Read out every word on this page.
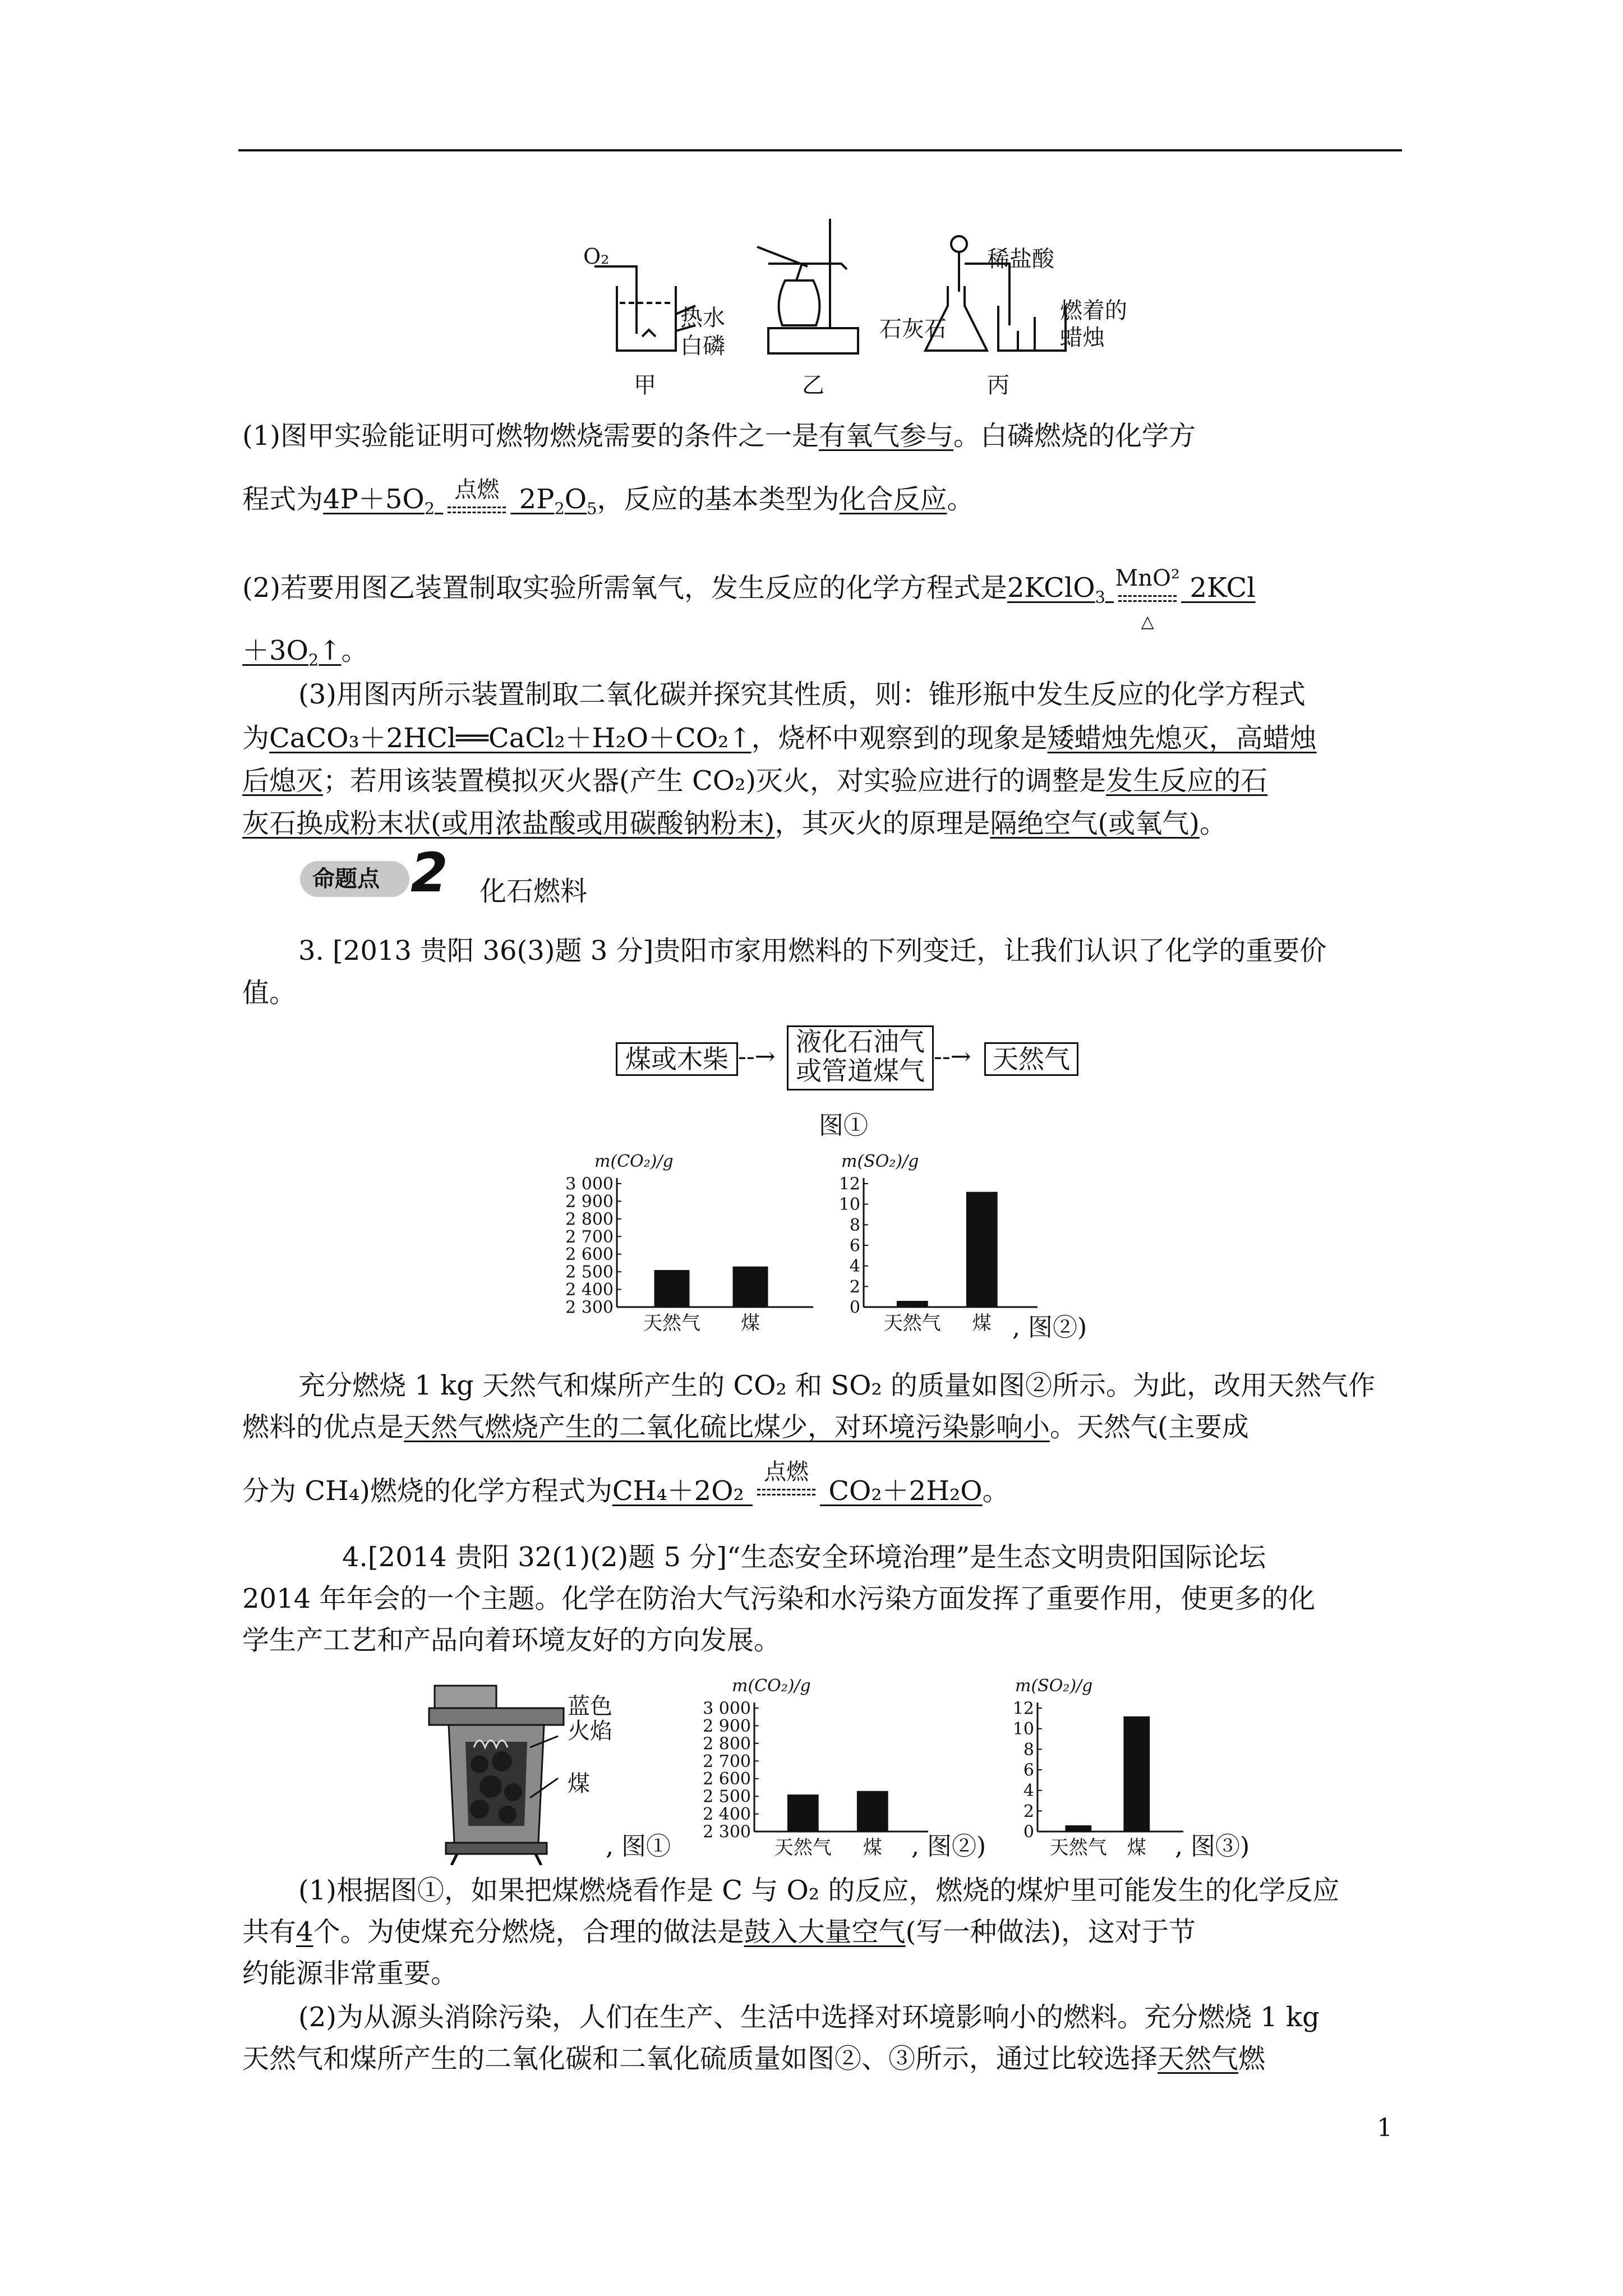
O₂
热水
白磷
稀盐酸
石灰石
燃着的蜡烛
甲	乙	丙
(1)图甲实验能证明可燃物燃烧需要的条件之一是有氧气参与。白磷燃烧的化学方
程式为$4P+5O_2$
点燃 $2P_2O_5$，反应的基本类型为化合反应。
(2)若要用图乙装置制取实验所需氧气，发生反应的化学方程式是2KClO$_3$
MnO²
△
2KCl
$+3O_2↑$。
(3)用图丙所示装置制取二氧化碳并探究其性质，则：锥形瓶中发生反应的化学方程式
为CaCO₃＋2HCl══CaCl₂＋H₂O＋CO₂↑，烧杯中观察到的现象是矮蜡烛先熄灭，高蜡烛
后熄灭；若用该装置模拟灭火器(产生 CO₂)灭火，对实验应进行的调整是发生反应的石
灰石换成粉末状(或用浓盐酸或用碳酸钠粉末)，其灭火的原理是隔绝空气(或氧气)。
命题点 2 化石燃料
3. [2013 贵阳 36(3)题 3 分]贵阳市家用燃料的下列变迁，让我们认识了化学的重要价
值。
煤或木柴 --→ 液化石油气
或管道煤气 --→ 天然气
图①
m(CO₂)/g
3 000
2 900
2 800
2 700
2 600
2 500
2 400
2 300
天然气 煤
m(SO₂)/g
12
10
8
6
4
2
0
天然气 煤 , 图②)
充分燃烧 1 kg 天然气和煤所产生的 CO₂ 和 SO₂ 的质量如图②所示。为此，改用天然气作
燃料的优点是天然气燃烧产生的二氧化硫比煤少，对环境污染影响小。天然气(主要成
分为 CH₄)燃烧的化学方程式为CH₄＋2O₂
点燃
CO₂＋2H₂O。
4.[2014 贵阳 32(1)(2)题 5 分]“生态安全环境治理”是生态文明贵阳国际论坛
2014 年年会的一个主题。化学在防治大气污染和水污染方面发挥了重要作用，使更多的化
学生产工艺和产品向着环境友好的方向发展。
蓝色火焰
煤
, 图①
m(CO₂)/g
3 000
2 900
2 800
2 700
2 600
2 500
2 400
2 300
天然气 煤 , 图②)
m(SO₂)/g
12
10
8
6
4
2
0
天然气 煤 , 图③)
(1)根据图①，如果把煤燃烧看作是 C 与 O₂ 的反应，燃烧的煤炉里可能发生的化学反应
共有4个。为使煤充分燃烧，合理的做法是鼓入大量空气(写一种做法)，这对于节
约能源非常重要。
(2)为从源头消除污染，人们在生产、生活中选择对环境影响小的燃料。充分燃烧 1 kg
天然气和煤所产生的二氧化碳和二氧化硫质量如图②、③所示，通过比较选择天然气燃
1
